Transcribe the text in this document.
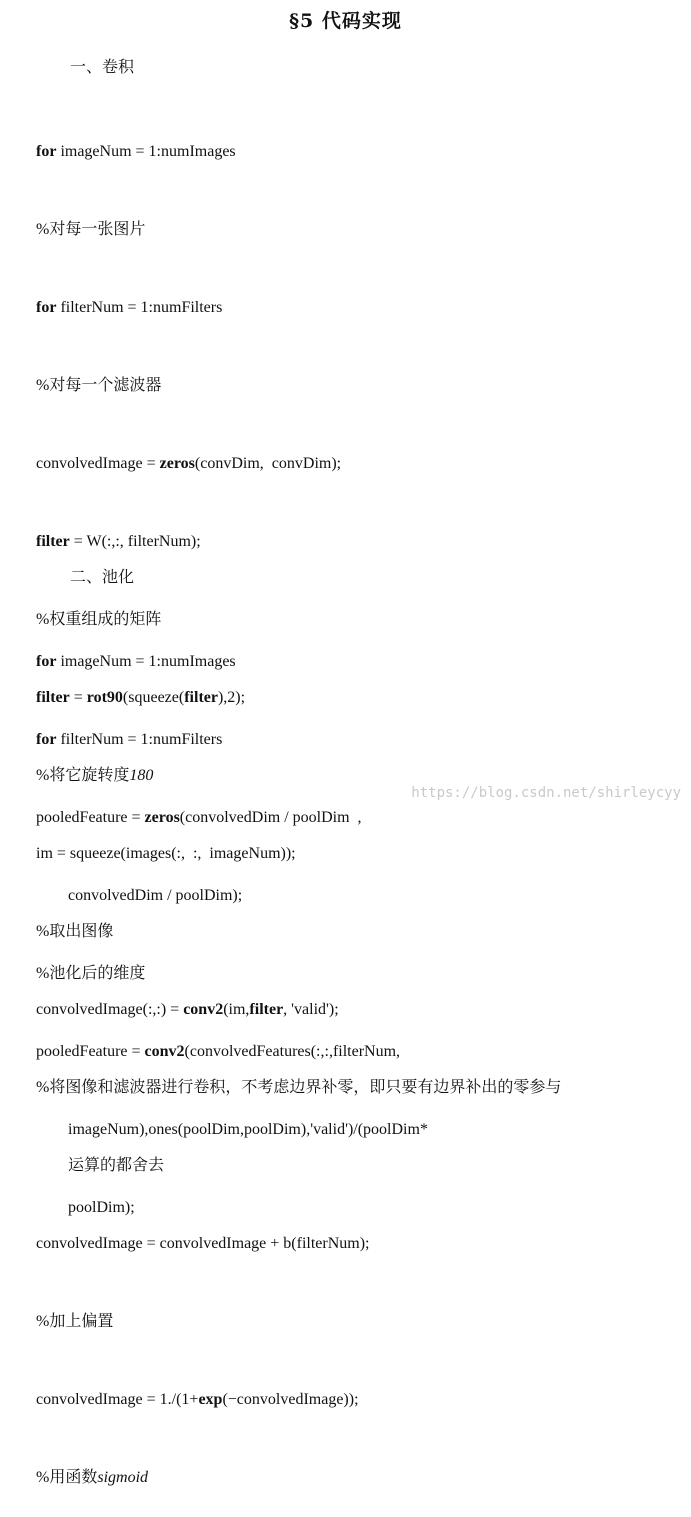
§5 代码实现
一、卷积

for imageNum = 1:numImages

%对每一张图片

for filterNum = 1:numFilters

%对每一个滤波器

convolvedImage = zeros(convDim,  convDim);

filter = W(:,:, filterNum);

%权重组成的矩阵

filter = rot90(squeeze(filter),2);

%将它旋转度180

im = squeeze(images(:,  :,  imageNum));

%取出图像

convolvedImage(:,:) = conv2(im,filter, 'valid');

%将图像和滤波器进行卷积，不考虑边界补零，即只要有边界补出的零参与

运算的都舍去

convolvedImage = convolvedImage + b(filterNum);

%加上偏置

convolvedImage = 1./(1+exp(−convolvedImage));

%用函数sigmoid

二、池化

for imageNum = 1:numImages

for filterNum = 1:numFilters

pooledFeature = zeros(convolvedDim / poolDim  ,

convolvedDim / poolDim);

%池化后的维度

pooledFeature = conv2(convolvedFeatures(:,:,filterNum,

imageNum),ones(poolDim,poolDim),'valid')/(poolDim*

poolDim);

https://blog.csdn.net/shirleycyy
